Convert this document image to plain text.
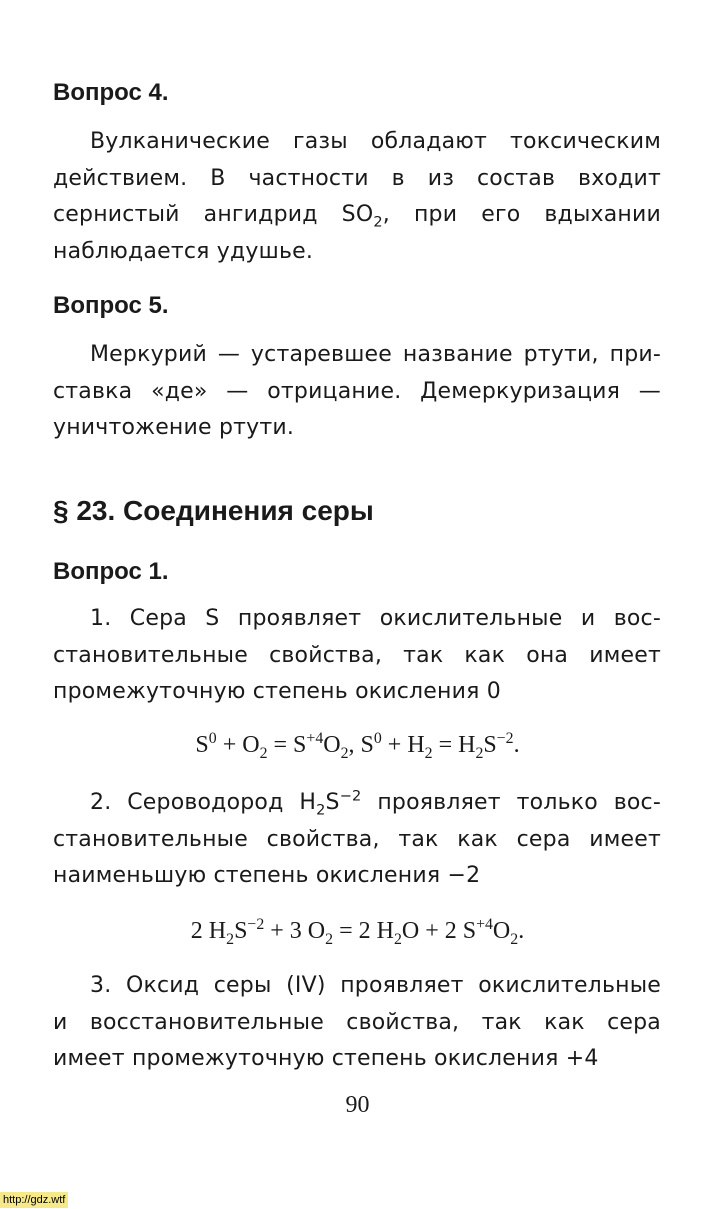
Вопрос 4.
Вулканические газы обладают токсическим
действием. В частности в из состав входит
сернистый ангидрид $SO_2$, при его вдыхании
наблюдается удушье.
Вопрос 5.
Меркурий — устаревшее название ртути, при-
ставка «де» — отрицание. Демеркуризация —
уничтожение ртути.
§ 23. Соединения серы
Вопрос 1.
1. Сера S проявляет окислительные и вос-
становительные свойства, так как она имеет
промежуточную степень окисления 0
$S^0 + O_2 = S^{+4}O_2$, $S^0 + H_2 = H_2S^{-2}$.
2. Сероводород $H_2S^{-2}$ проявляет только вос-
становительные свойства, так как сера имеет
наименьшую степень окисления −2
2 $H_2S^{-2} + 3$ $O_2 = 2$ $H_2O + 2$ $S^{+4}O_2$.
3. Оксид серы (IV) проявляет окислительные
и восстановительные свойства, так как сера
имеет промежуточную степень окисления +4
90
http://gdz.wtf
